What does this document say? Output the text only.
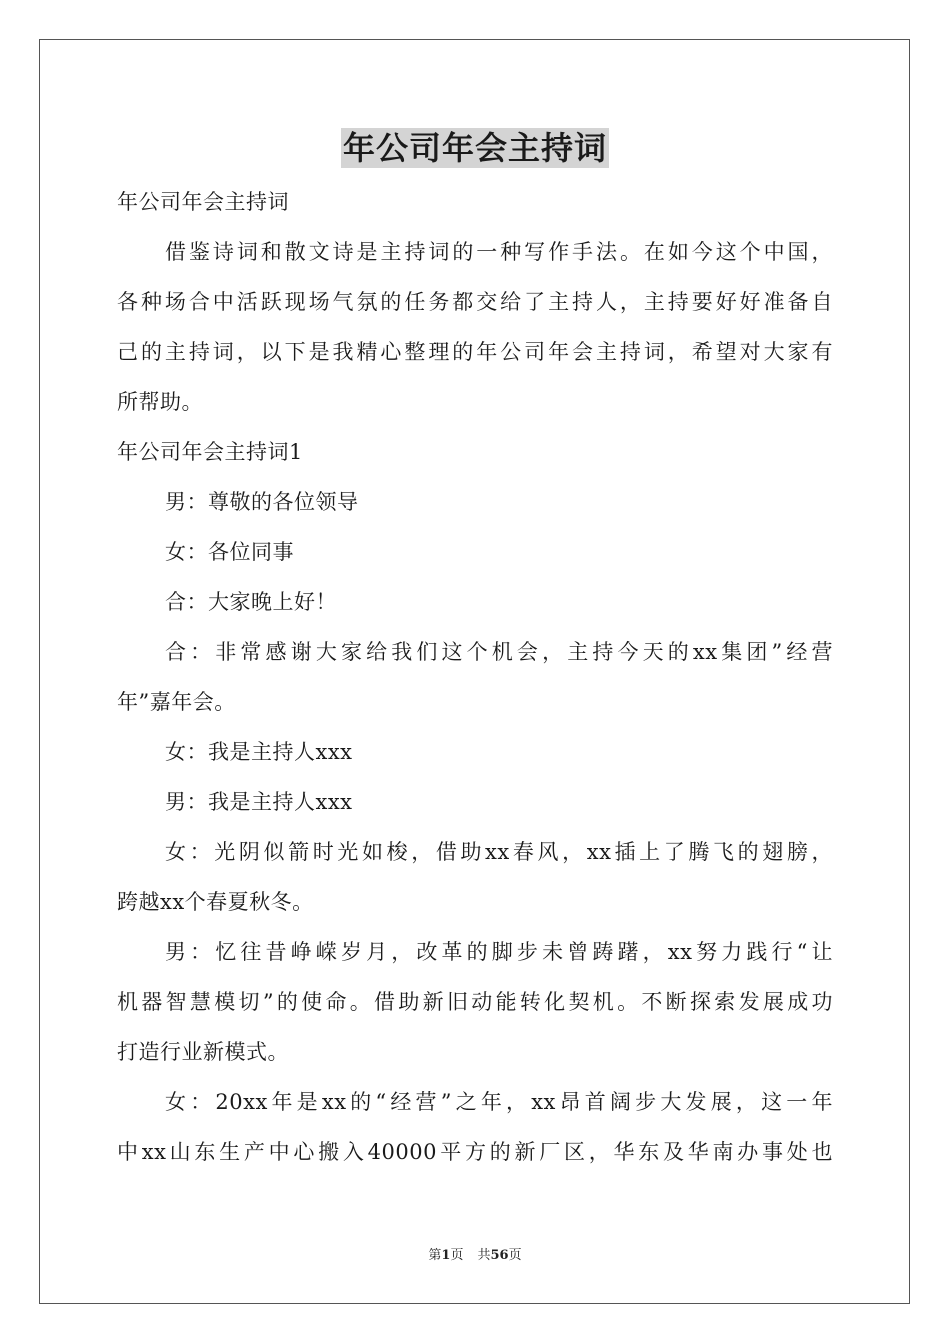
年公司年会主持词

年公司年会主持词

借鉴诗词和散文诗是主持词的一种写作手法。在如今这个中国，

各种场合中活跃现场气氛的任务都交给了主持人，主持要好好准备自

己的主持词，以下是我精心整理的年公司年会主持词，希望对大家有

所帮助。

年公司年会主持词1

男：尊敬的各位领导

女：各位同事

合：大家晚上好！

合：非常感谢大家给我们这个机会，主持今天的xx集团”经营

年”嘉年会。

女：我是主持人xxx

男：我是主持人xxx

女：光阴似箭时光如梭，借助xx春风，xx插上了腾飞的翅膀，

跨越xx个春夏秋冬。

男：忆往昔峥嵘岁月，改革的脚步未曾踌躇，xx努力践行“让

机器智慧模切”的使命。借助新旧动能转化契机。不断探索发展成功

打造行业新模式。

女：20xx年是xx的“经营”之年，xx昂首阔步大发展，这一年

中xx山东生产中心搬入40000平方的新厂区，华东及华南办事处也

第1页 共56页
